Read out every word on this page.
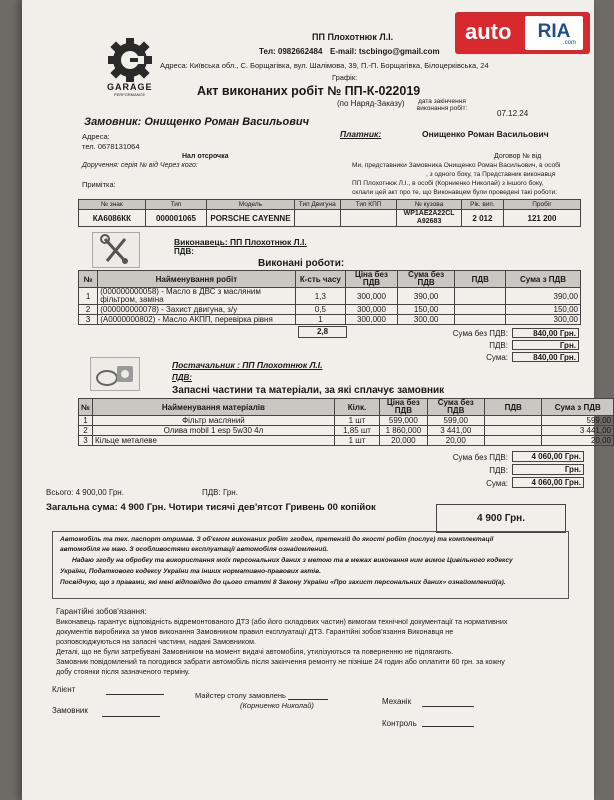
GARAGE
PERFORMANCE
ПП Плохотнюк Л.І.
Тел: 0982662484 E-mail: tscbingo@gmail.com
Адреса: Київська обл., С. Борщагівка, вул. Шалімова, 39, П.-П. Борщагівка, Білоцерківська, 24
Графік:
Акт виконаних робіт № ПП-К-022019
(по Наряд-Заказу)	дата закінчення виконання робіт:
07.12.24
Замовник: Онищенко Роман Васильович
Адреса:
тел. 0678131064
Нал отсрочка
Доручення: серія № від Через кого:
Примітка:
Платник:	Онищенко Роман Васильович
Договор № від
Ми, представники Замовника Онищенко Роман Васильович, в особі
, з одного боку, та Представник виконавця
ПП Плохотнюк Л.І., в особі (Корниенко Николай) з іншого боку,
склали цей акт про те, що Виконавцем були проведені такі роботи:
№ знак	Тип	Модель	Тип Двигуна	Тип КПП	№ кузова	Рік. вип.	Пробіг
КА6086КК	000001065	PORSCHE CAYENNE			WP1AE2A22CL A92683	2 012	121 200
Виконавець: ПП Плохотнюк Л.І.
ПДВ:
Виконані роботи:
№	Найменування робіт	К-сть часу	Ціна без ПДВ	Сума без ПДВ	ПДВ	Сума з ПДВ
1	(000000000058) - Масло в ДВС з масляним фільтром, заміна	1,3	300,000	390,00		390,00
2	(000000000078) - Захист двигуна, з/у	0,5	300,000	150,00		150,00
3	(А0000000802) - Масло АКПП, перевірка рівня	1	300,000	300,00		300,00
2,8	Сума без ПДВ:	840,00 Грн.
ПДВ:	Грн.
Сума:	840,00 Грн.
Постачальник : ПП Плохотнюк Л.І.
ПДВ:
Запасні частини та матеріали, за які сплачує замовник
№	Найменування матеріалів	Кілк.	Ціна без ПДВ	Сума без ПДВ	ПДВ	Сума з ПДВ
1	Фільтр масляний	1 шт	599,000	599,00		599,00
2	Олива mobil 1 esp 5w30 4л	1,85 шт	1 860,000	3 441,00		3 441,00
3	Кільце металеве	1 шт	20,000	20,00		20,00
Сума без ПДВ:	4 060,00 Грн.
ПДВ:	Грн.
Сума:	4 060,00 Грн.
Всього: 4 900,00 Грн.	ПДВ: Грн.
Загальна сума: 4 900 Грн. Чотири тисячі дев'ятсот Гривень 00 копійок
4 900 Грн.
Автомобіль та тех. паспорт отримав. З об'ємом виконаних робіт згоден, претензій до якості робіт (послуг) та комплектації
автомобіля не маю. З особливостями експлуатації автомобіля ознайомлений.
Надаю згоду на обробку та використання моїх персональних даних з метою та в межах виконання ним вимог Цивільного кодексу
України, Податкового кодексу України та інших нормативно-правових актів.
Посвідчую, що з правами, які мені відповідно до цього статті 8 Закону України «Про захист персональних даних» ознайомлений(а).
Гарантійні зобов'язання:
Виконавець гарантує відповідність відремонтованого ДТЗ (або його складових частин) вимогам технічної документації та нормативних
документів виробника за умов виконання Замовником правил експлуатації ДТЗ. Гарантійні зобов'язання Виконавця не
розповсюджуються на запасні частини, надані Замовником.
Деталі, що не були затребувані Замовником на момент видачі автомобіля, утилізуються та поверненню не підлягають.
Замовник повідомлений та погодився забрати автомобіль після закінчення ремонту не пізніше 24 годин або оплатити 60 грн. за кожну
добу стоянки після зазначеного терміну.
Клієнт
Замовник
Майстер столу замовлень
(Корниенко Николай)	Механік
Контроль
auto	RIA
.com
